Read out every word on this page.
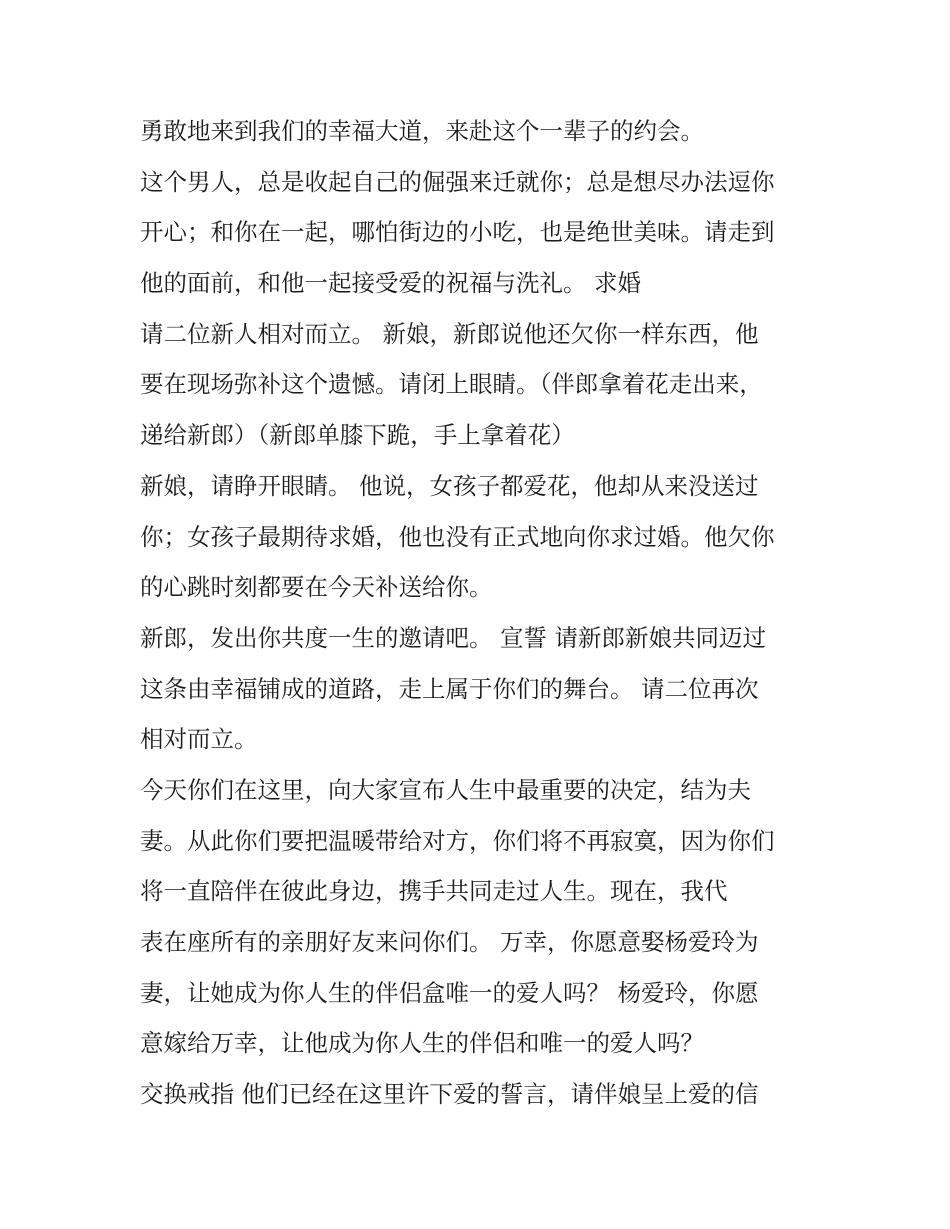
勇敢地来到我们的幸福大道，来赴这个一辈子的约会。
这个男人，总是收起自己的倔强来迁就你；总是想尽办法逗你
开心；和你在一起，哪怕街边的小吃，也是绝世美味。请走到
他的面前，和他一起接受爱的祝福与洗礼。 求婚
请二位新人相对而立。 新娘，新郎说他还欠你一样东西，他
要在现场弥补这个遗憾。请闭上眼睛。（伴郎拿着花走出来，
递给新郎）（新郎单膝下跪，手上拿着花）
新娘，请睁开眼睛。 他说，女孩子都爱花，他却从来没送过
你；女孩子最期待求婚，他也没有正式地向你求过婚。他欠你
的心跳时刻都要在今天补送给你。
新郎，发出你共度一生的邀请吧。 宣誓 请新郎新娘共同迈过
这条由幸福铺成的道路，走上属于你们的舞台。 请二位再次
相对而立。
今天你们在这里，向大家宣布人生中最重要的决定，结为夫
妻。从此你们要把温暖带给对方，你们将不再寂寞，因为你们
将一直陪伴在彼此身边，携手共同走过人生。现在，我代
表在座所有的亲朋好友来问你们。 万幸，你愿意娶杨爱玲为
妻，让她成为你人生的伴侣盒唯一的爱人吗？ 杨爱玲，你愿
意嫁给万幸，让他成为你人生的伴侣和唯一的爱人吗？
交换戒指 他们已经在这里许下爱的誓言，请伴娘呈上爱的信
